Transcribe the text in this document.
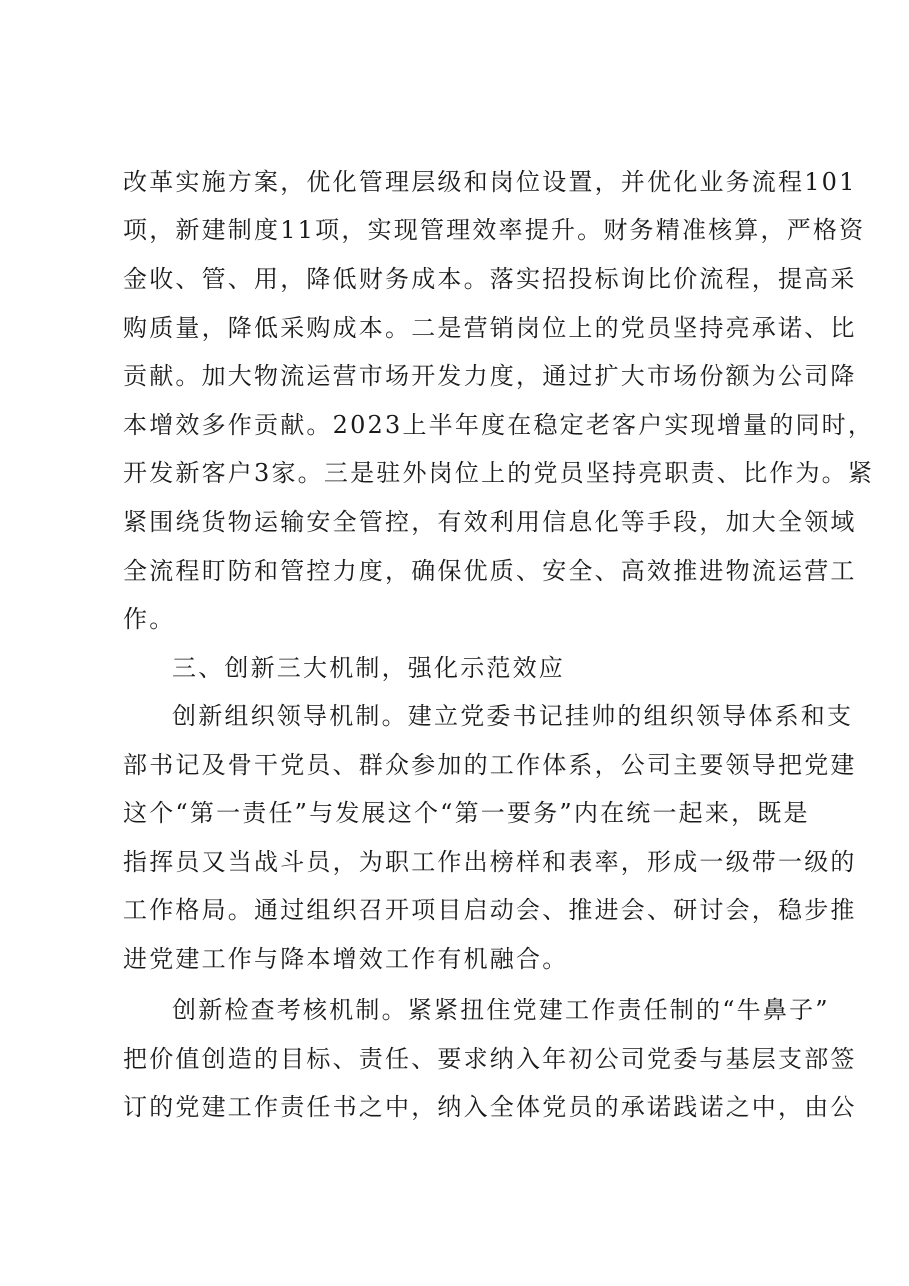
改革实施方案，优化管理层级和岗位设置，并优化业务流程101
项，新建制度11项，实现管理效率提升。财务精准核算，严格资
金收、管、用，降低财务成本。落实招投标询比价流程，提高采
购质量，降低采购成本。二是营销岗位上的党员坚持亮承诺、比
贡献。加大物流运营市场开发力度，通过扩大市场份额为公司降
本增效多作贡献。2023上半年度在稳定老客户实现增量的同时，
开发新客户3家。三是驻外岗位上的党员坚持亮职责、比作为。紧
紧围绕货物运输安全管控，有效利用信息化等手段，加大全领域
全流程盯防和管控力度，确保优质、安全、高效推进物流运营工
作。
三、创新三大机制，强化示范效应
创新组织领导机制。建立党委书记挂帅的组织领导体系和支
部书记及骨干党员、群众参加的工作体系，公司主要领导把党建
这个“第一责任”与发展这个“第一要务”内在统一起来，既是
指挥员又当战斗员，为职工作出榜样和表率，形成一级带一级的
工作格局。通过组织召开项目启动会、推进会、研讨会，稳步推
进党建工作与降本增效工作有机融合。
创新检查考核机制。紧紧扭住党建工作责任制的“牛鼻子”
把价值创造的目标、责任、要求纳入年初公司党委与基层支部签
订的党建工作责任书之中，纳入全体党员的承诺践诺之中，由公
